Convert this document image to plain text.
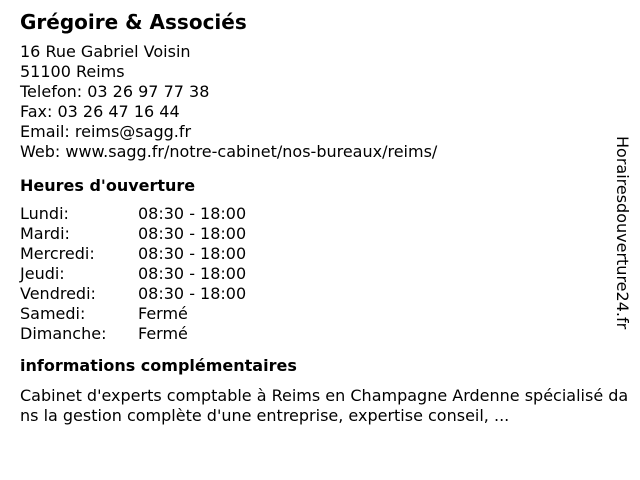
Grégoire & Associés
16 Rue Gabriel Voisin
51100 Reims
Telefon: 03 26 97 77 38
Fax: 03 26 47 16 44
Email: reims@sagg.fr
Web: www.sagg.fr/notre-cabinet/nos-bureaux/reims/
Heures d'ouverture
Lundi:	08:30 - 18:00
Mardi:	08:30 - 18:00
Mercredi:	08:30 - 18:00
Jeudi:	08:30 - 18:00
Vendredi:	08:30 - 18:00
Samedi:	Fermé
Dimanche:	Fermé
informations complémentaires
Cabinet d'experts comptable à Reims en Champagne Ardenne spécialisé dans la gestion complète d'une entreprise, expertise conseil, ...
Horairesdouverture24.fr
